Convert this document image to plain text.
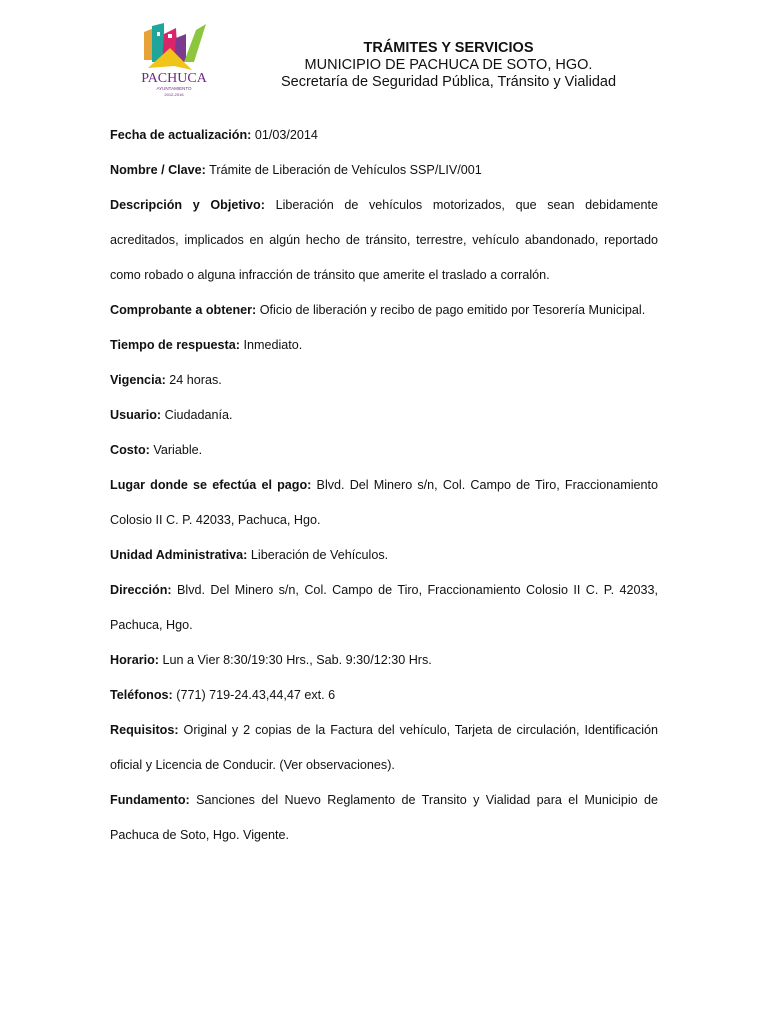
PACHUCA
AYUNTAMIENTO
2012-2016
TRÁMITES Y SERVICIOS
MUNICIPIO DE PACHUCA DE SOTO, HGO.
Secretaría de Seguridad Pública, Tránsito y Vialidad
Fecha de actualización: 01/03/2014
Nombre / Clave: Trámite de Liberación de Vehículos SSP/LIV/001
Descripción y Objetivo: Liberación de vehículos motorizados, que sean debidamente acreditados, implicados en algún hecho de tránsito, terrestre, vehículo abandonado, reportado como robado o alguna infracción de tránsito que amerite el traslado a corralón.
Comprobante a obtener: Oficio de liberación y recibo de pago emitido por Tesorería Municipal.
Tiempo de respuesta: Inmediato.
Vigencia: 24 horas.
Usuario: Ciudadanía.
Costo: Variable.
Lugar donde se efectúa el pago: Blvd. Del Minero s/n, Col. Campo de Tiro, Fraccionamiento Colosio II C. P. 42033, Pachuca, Hgo.
Unidad Administrativa: Liberación de Vehículos.
Dirección: Blvd. Del Minero s/n, Col. Campo de Tiro, Fraccionamiento Colosio II C. P. 42033, Pachuca, Hgo.
Horario: Lun a Vier 8:30/19:30 Hrs., Sab. 9:30/12:30 Hrs.
Teléfonos: (771) 719-24.43,44,47 ext. 6
Requisitos: Original y 2 copias de la Factura del vehículo, Tarjeta de circulación, Identificación oficial y Licencia de Conducir. (Ver observaciones).
Fundamento: Sanciones del Nuevo Reglamento de Transito y Vialidad para el Municipio de Pachuca de Soto, Hgo. Vigente.
